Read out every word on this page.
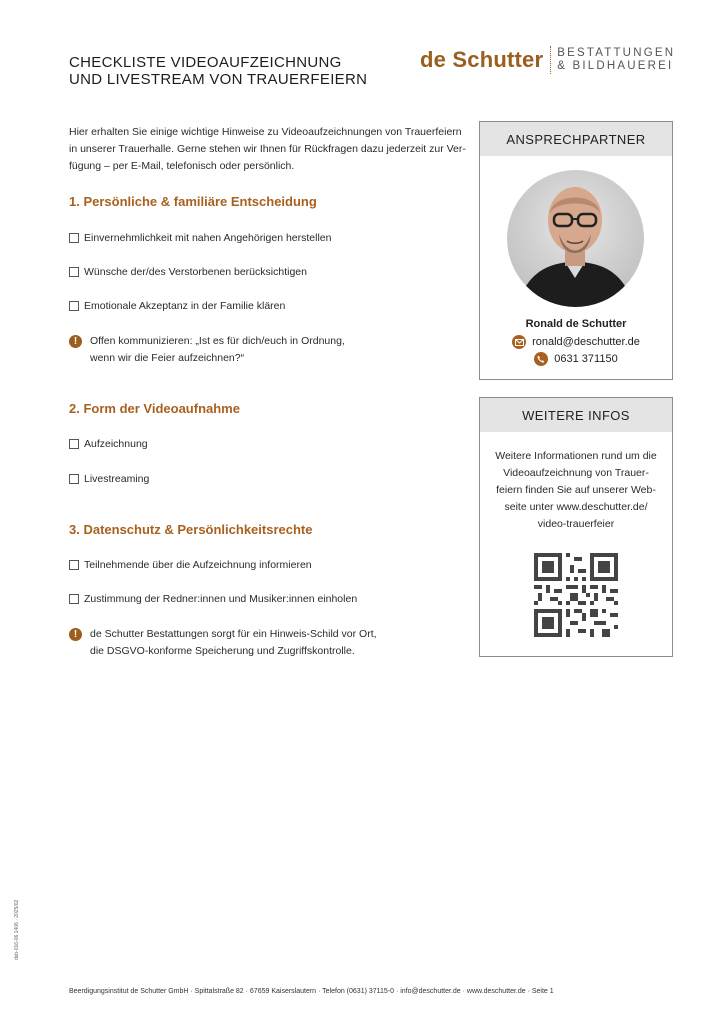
CHECKLISTE VIDEOAUFZEICHNUNG
UND LIVESTREAM VON TRAUERFEIERN
de Schutter BESTATTUNGEN
& BILDHAUEREI
Hier erhalten Sie einige wichtige Hinweise zu Videoaufzeichnungen von Trauerfeiern
in unserer Trauerhalle. Gerne stehen wir Ihnen für Rückfragen dazu jederzeit zur Ver-
fügung – per E-Mail, telefonisch oder persönlich.
1. Persönliche & familiäre Entscheidung
Einvernehmlichkeit mit nahen Angehörigen herstellen
Wünsche der/des Verstorbenen berücksichtigen
Emotionale Akzeptanz in der Familie klären
!	Offen kommunizieren: „Ist es für dich/euch in Ordnung,
wenn wir die Feier aufzeichnen?“
2. Form der Videoaufnahme
Aufzeichnung
Livestreaming
3. Datenschutz & Persönlichkeitsrechte
Teilnehmende über die Aufzeichnung informieren
Zustimmung der Redner:innen und Musiker:innen einholen
!	de Schutter Bestattungen sorgt für ein Hinweis-Schild vor Ort,
die DSGVO-konforme Speicherung und Zugriffskontrolle.
ANSPRECHPARTNER
Ronald de Schutter
ronald@deschutter.de
0631 371150
WEITERE INFOS
Weitere Informationen rund um die
Videoaufzeichnung von Trauer-
feiern finden Sie auf unserer Web-
seite unter www.deschutter.de/
video-trauerfeier
dsb-016-06 1406 · 2025/02
Beerdigungsinstitut de Schutter GmbH · Spittalstraße 82 · 67659 Kaiserslautern · Telefon (0631) 37115-0 · info@deschutter.de · www.deschutter.de · Seite 1
